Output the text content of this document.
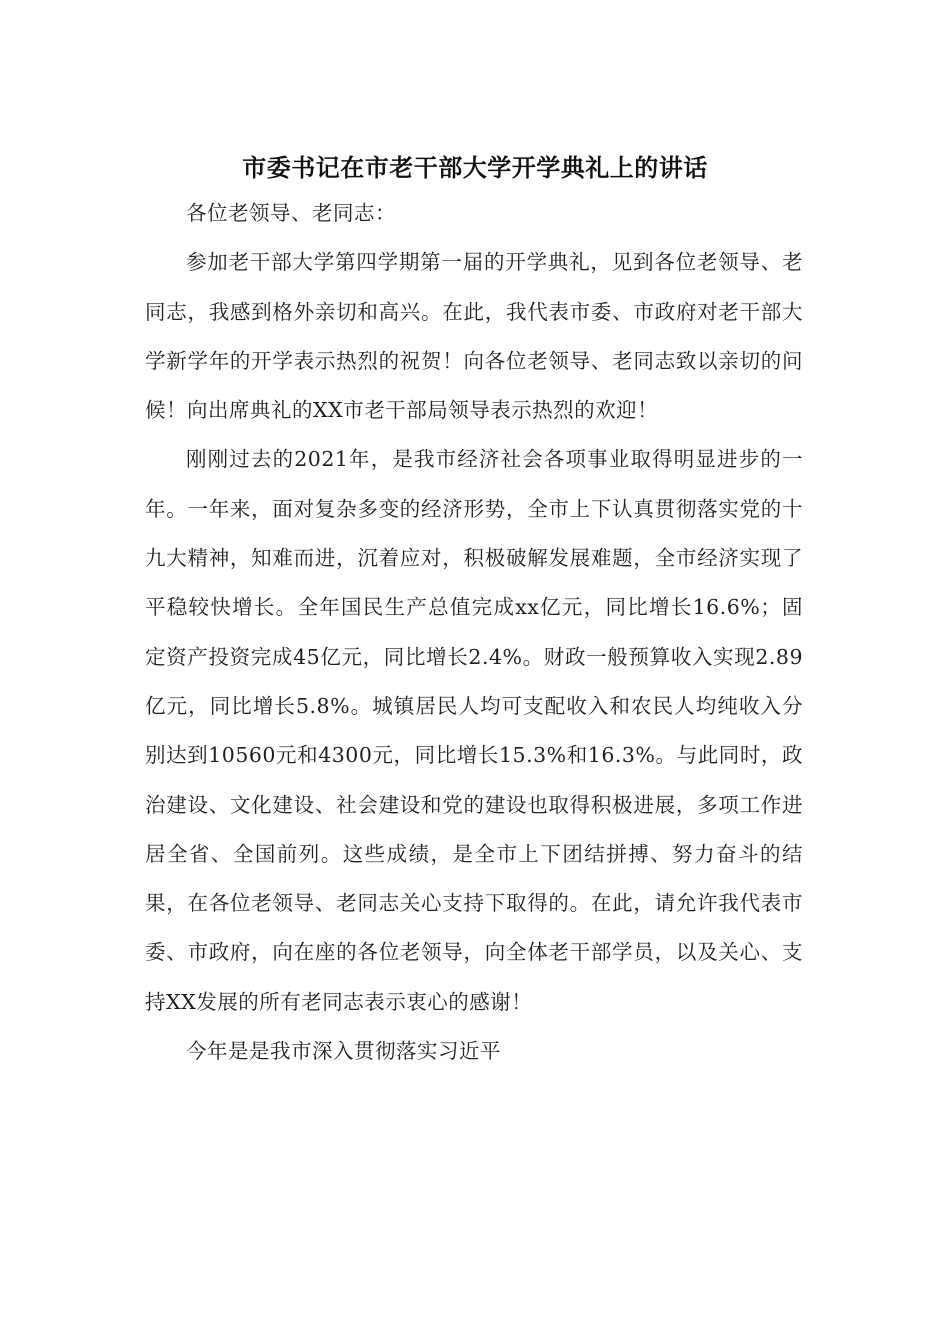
市委书记在市老干部大学开学典礼上的讲话

各位老领导、老同志：

参加老干部大学第四学期第一届的开学典礼，见到各位老领导、老同志，我感到格外亲切和高兴。在此，我代表市委、市政府对老干部大学新学年的开学表示热烈的祝贺！向各位老领导、老同志致以亲切的问候！向出席典礼的XX市老干部局领导表示热烈的欢迎！

刚刚过去的2021年，是我市经济社会各项事业取得明显进步的一年。一年来，面对复杂多变的经济形势，全市上下认真贯彻落实党的十九大精神，知难而进，沉着应对，积极破解发展难题，全市经济实现了平稳较快增长。全年国民生产总值完成xx亿元，同比增长16.6%；固定资产投资完成45亿元，同比增长2.4%。财政一般预算收入实现2.89亿元，同比增长5.8%。城镇居民人均可支配收入和农民人均纯收入分别达到10560元和4300元，同比增长15.3%和16.3%。与此同时，政治建设、文化建设、社会建设和党的建设也取得积极进展，多项工作进居全省、全国前列。这些成绩，是全市上下团结拼搏、努力奋斗的结果，在各位老领导、老同志关心支持下取得的。在此，请允许我代表市委、市政府，向在座的各位老领导，向全体老干部学员，以及关心、支持XX发展的所有老同志表示衷心的感谢！

今年是是我市深入贯彻落实习近平
